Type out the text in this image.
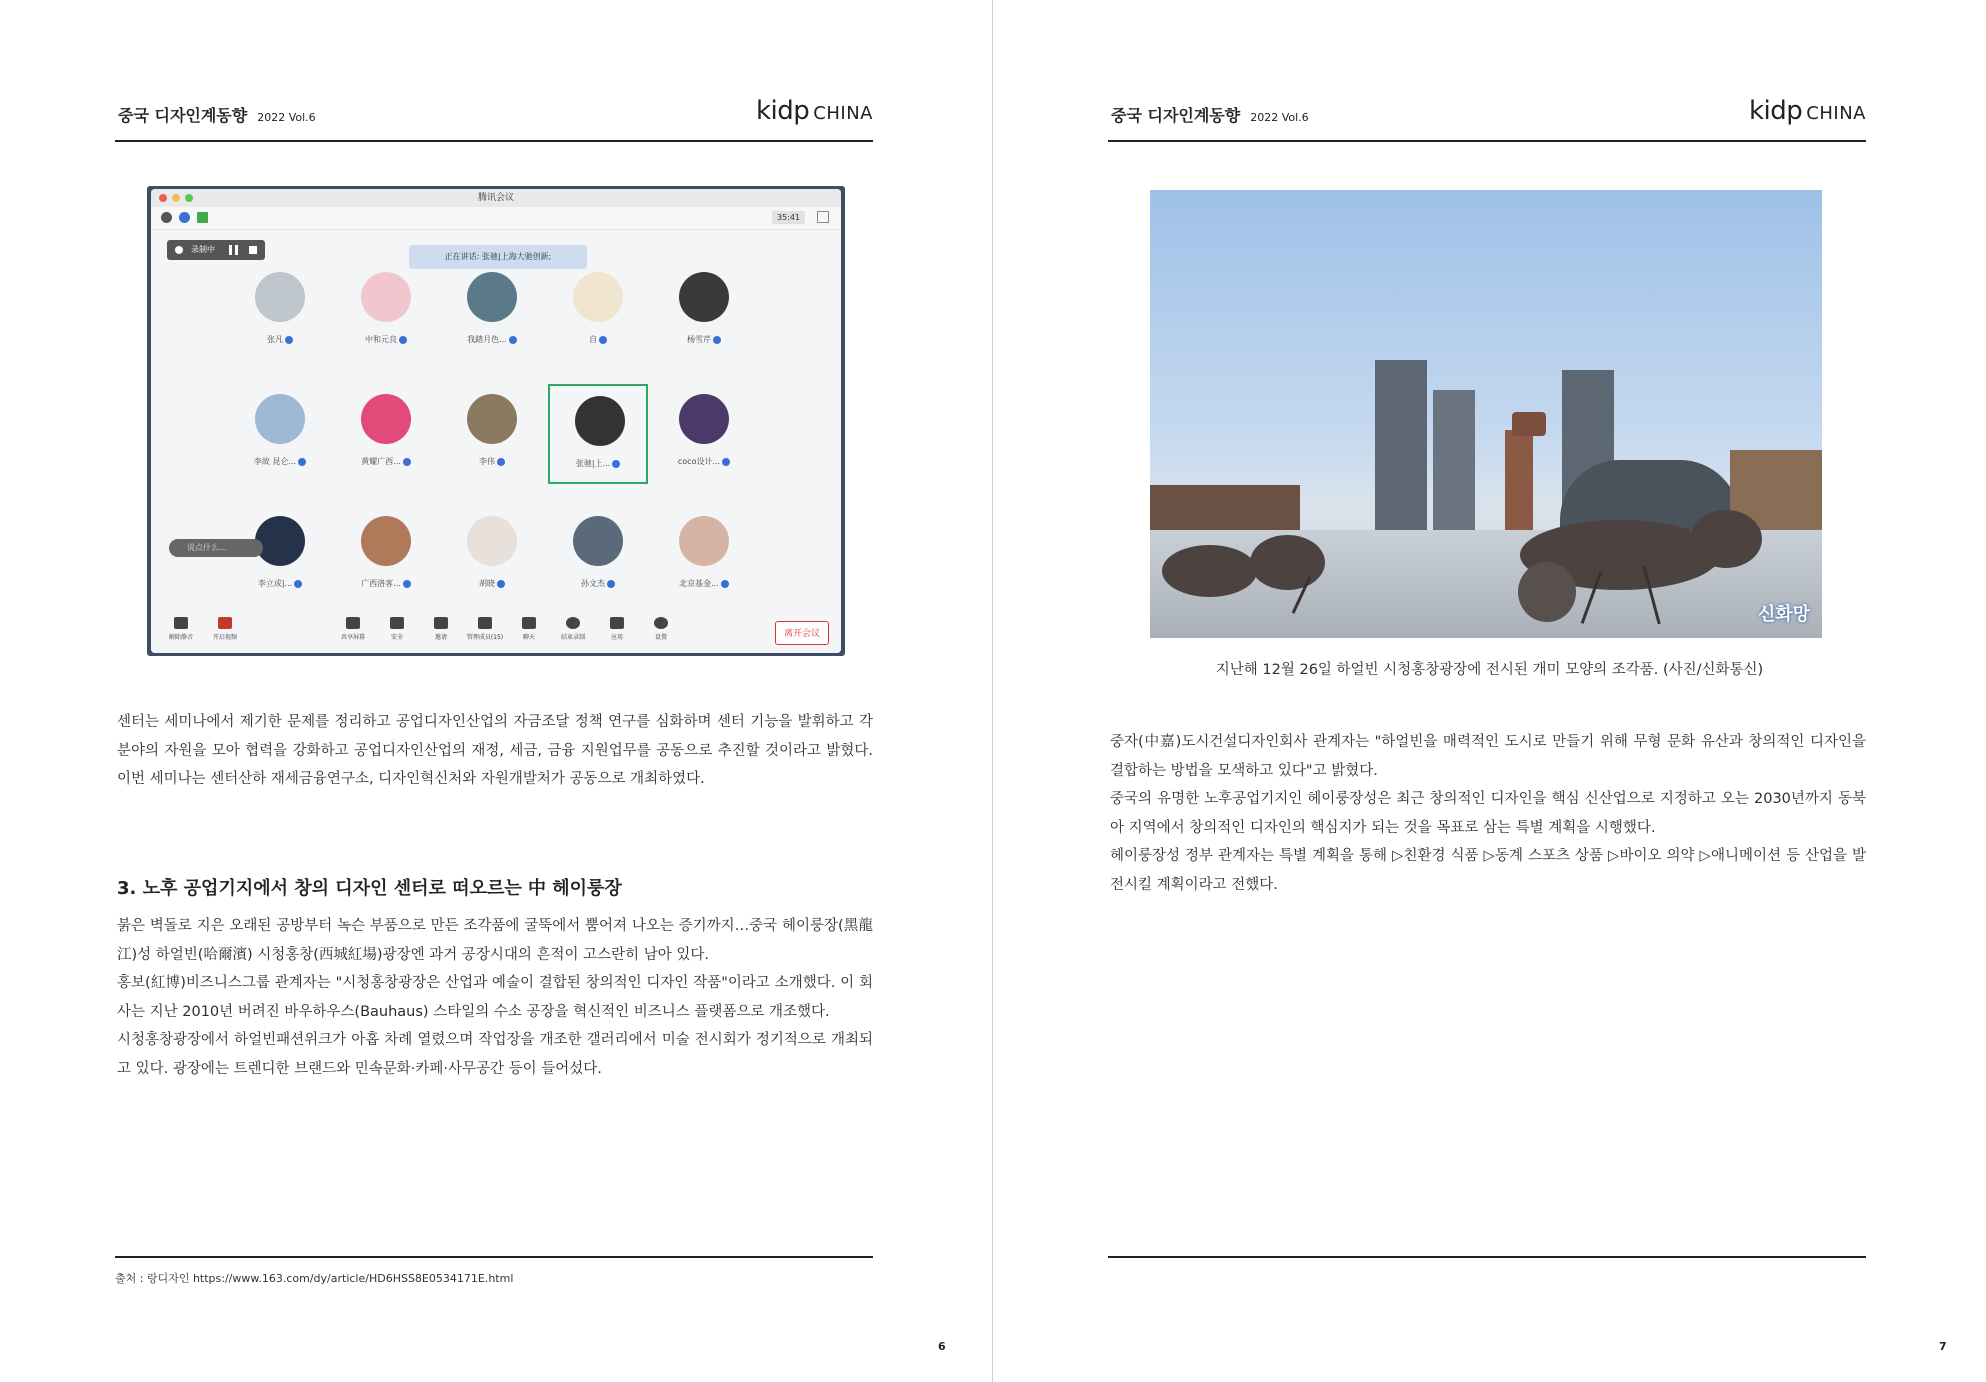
중국 디자인계동향 2022 Vol.6	kidp CHINA
腾讯会议
35:41
录制中
正在讲话: 张驰|上海大驰创新;
张凡	中和元良	我踏月色...	自	杨雪芹
李故 昆仑...	黄耀广西...	李伟	张驰|上...	coco设计...
李立成|...	广西洛客...	胡晓	孙文杰	北京基金...
说点什么...
解除静音	开启视频	共享屏幕	安全	邀请	管理成员(15)	聊天	结束录制	应用	设置	离开会议

센터는 세미나에서 제기한 문제를 정리하고 공업디자인산업의 자금조달 정책 연구를 심화하며 센터 기능을 발휘하고 각 분야의 자원을 모아 협력을 강화하고 공업디자인산업의 재정, 세금, 금융 지원업무를 공동으로 추진할 것이라고 밝혔다. 이번 세미나는 센터산하 재세금융연구소, 디자인혁신처와 자원개발처가 공동으로 개최하였다.

3. 노후 공업기지에서 창의 디자인 센터로 떠오르는 中 헤이룽장

붉은 벽돌로 지은 오래된 공방부터 녹슨 부품으로 만든 조각품에 굴뚝에서 뿜어져 나오는 증기까지…중국 헤이룽장(黑龍江)성 하얼빈(哈爾濱) 시청홍창(西城紅場)광장엔 과거 공장시대의 흔적이 고스란히 남아 있다.

홍보(紅博)비즈니스그룹 관계자는 "시청홍창광장은 산업과 예술이 결합된 창의적인 디자인 작품"이라고 소개했다. 이 회사는 지난 2010년 버려진 바우하우스(Bauhaus) 스타일의 수소 공장을 혁신적인 비즈니스 플랫폼으로 개조했다.

시청홍창광장에서 하얼빈패션위크가 아홉 차례 열렸으며 작업장을 개조한 갤러리에서 미술 전시회가 정기적으로 개최되고 있다. 광장에는 트렌디한 브랜드와 민속문화·카페·사무공간 등이 들어섰다.

출처 : 랑디자인 https://www.163.com/dy/article/HD6HSS8E0534171E.html
6
중국 디자인계동향 2022 Vol.6	kidp CHINA
신화망
지난해 12월 26일 하얼빈 시청홍창광장에 전시된 개미 모양의 조각품. (사진/신화통신)

중자(中嘉)도시건설디자인회사 관계자는 "하얼빈을 매력적인 도시로 만들기 위해 무형 문화 유산과 창의적인 디자인을 결합하는 방법을 모색하고 있다"고 밝혔다.

중국의 유명한 노후공업기지인 헤이룽장성은 최근 창의적인 디자인을 핵심 신산업으로 지정하고 오는 2030년까지 동북아 지역에서 창의적인 디자인의 핵심지가 되는 것을 목표로 삼는 특별 계획을 시행했다.

헤이룽장성 정부 관계자는 특별 계획을 통해 ▷친환경 식품 ▷동계 스포츠 상품 ▷바이오 의약 ▷애니메이션 등 산업을 발전시킬 계획이라고 전했다.

7
